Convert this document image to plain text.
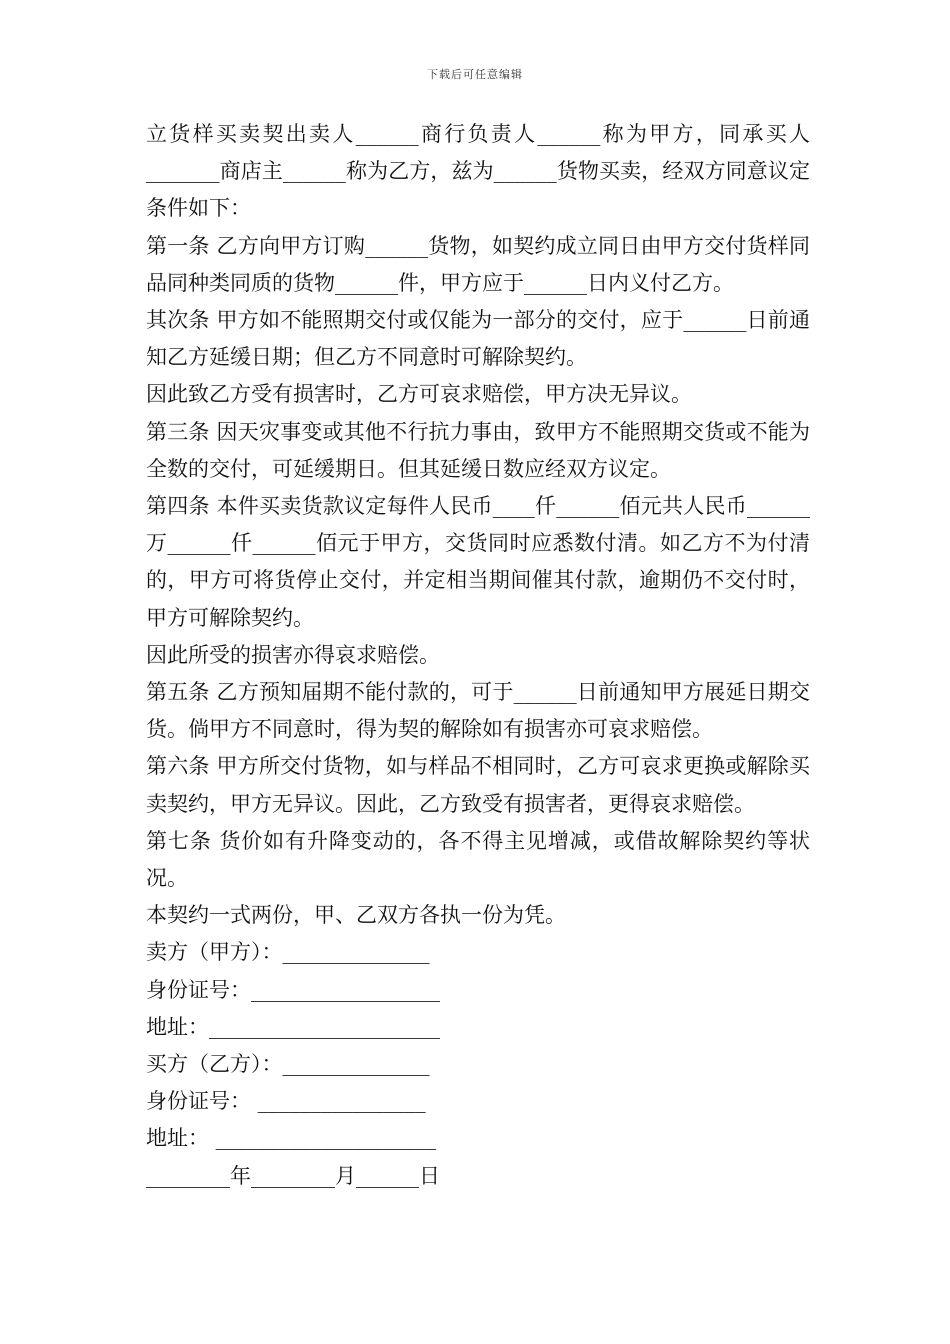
下载后可任意编辑

立货样买卖契出卖人______商行负责人______称为甲方，同承买人_______商店主______称为乙方，兹为______货物买卖，经双方同意议定条件如下：

第一条 乙方向甲方订购______货物，如契约成立同日由甲方交付货样同品同种类同质的货物______件，甲方应于______日内义付乙方。

其次条 甲方如不能照期交付或仅能为一部分的交付，应于______日前通知乙方延缓日期；但乙方不同意时可解除契约。

因此致乙方受有损害时，乙方可哀求赔偿，甲方决无异议。

第三条 因天灾事变或其他不行抗力事由，致甲方不能照期交货或不能为全数的交付，可延缓期日。但其延缓日数应经双方议定。

第四条 本件买卖货款议定每件人民币____仟______佰元共人民币______万______仟______佰元于甲方，交货同时应悉数付清。如乙方不为付清的，甲方可将货停止交付，并定相当期间催其付款，逾期仍不交付时，甲方可解除契约。

因此所受的损害亦得哀求赔偿。

第五条 乙方预知届期不能付款的，可于______日前通知甲方展延日期交货。倘甲方不同意时，得为契的解除如有损害亦可哀求赔偿。

第六条 甲方所交付货物，如与样品不相同时，乙方可哀求更换或解除买卖契约，甲方无异议。因此，乙方致受有损害者，更得哀求赔偿。

第七条 货价如有升降变动的，各不得主见增减，或借故解除契约等状况。

本契约一式两份，甲、乙双方各执一份为凭。

卖方（甲方）：______________

身份证号：__________________

地址：______________________

买方（乙方）：______________

身份证号： ________________

地址： _____________________

________年________月______日
